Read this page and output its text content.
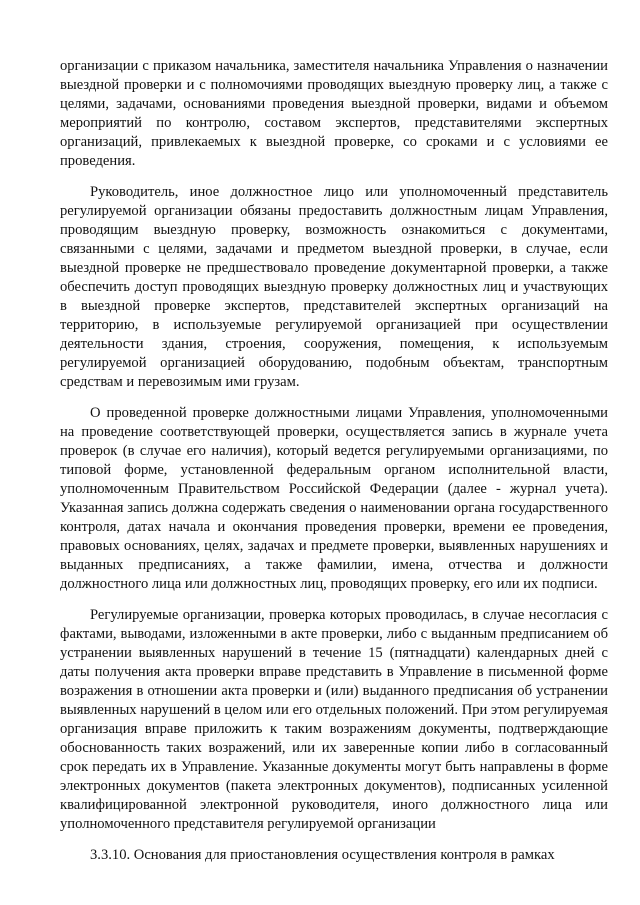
организации с приказом начальника, заместителя начальника Управления о назначении выездной проверки и с полномочиями проводящих выездную проверку лиц, а также с целями, задачами, основаниями проведения выездной проверки, видами и объемом мероприятий по контролю, составом экспертов, представителями экспертных организаций, привлекаемых к выездной проверке, со сроками и с условиями ее проведения.

Руководитель, иное должностное лицо или уполномоченный представитель регулируемой организации обязаны предоставить должностным лицам Управления, проводящим выездную проверку, возможность ознакомиться с документами, связанными с целями, задачами и предметом выездной проверки, в случае, если выездной проверке не предшествовало проведение документарной проверки, а также обеспечить доступ проводящих выездную проверку должностных лиц и участвующих в выездной проверке экспертов, представителей экспертных организаций на территорию, в используемые регулируемой организацией при осуществлении деятельности здания, строения, сооружения, помещения, к используемым регулируемой организацией оборудованию, подобным объектам, транспортным средствам и перевозимым ими грузам.

О проведенной проверке должностными лицами Управления, уполномоченными на проведение соответствующей проверки, осуществляется запись в журнале учета проверок (в случае его наличия), который ведется регулируемыми организациями, по типовой форме, установленной федеральным органом исполнительной власти, уполномоченным Правительством Российской Федерации (далее - журнал учета). Указанная запись должна содержать сведения о наименовании органа государственного контроля, датах начала и окончания проведения проверки, времени ее проведения, правовых основаниях, целях, задачах и предмете проверки, выявленных нарушениях и выданных предписаниях, а также фамилии, имена, отчества и должности должностного лица или должностных лиц, проводящих проверку, его или их подписи.

Регулируемые организации, проверка которых проводилась, в случае несогласия с фактами, выводами, изложенными в акте проверки, либо с выданным предписанием об устранении выявленных нарушений в течение 15 (пятнадцати) календарных дней с даты получения акта проверки вправе представить в Управление в письменной форме возражения в отношении акта проверки и (или) выданного предписания об устранении выявленных нарушений в целом или его отдельных положений. При этом регулируемая организация вправе приложить к таким возражениям документы, подтверждающие обоснованность таких возражений, или их заверенные копии либо в согласованный срок передать их в Управление. Указанные документы могут быть направлены в форме электронных документов (пакета электронных документов), подписанных усиленной квалифицированной электронной руководителя, иного должностного лица или уполномоченного представителя регулируемой организации

3.3.10. Основания для приостановления осуществления контроля в рамках
